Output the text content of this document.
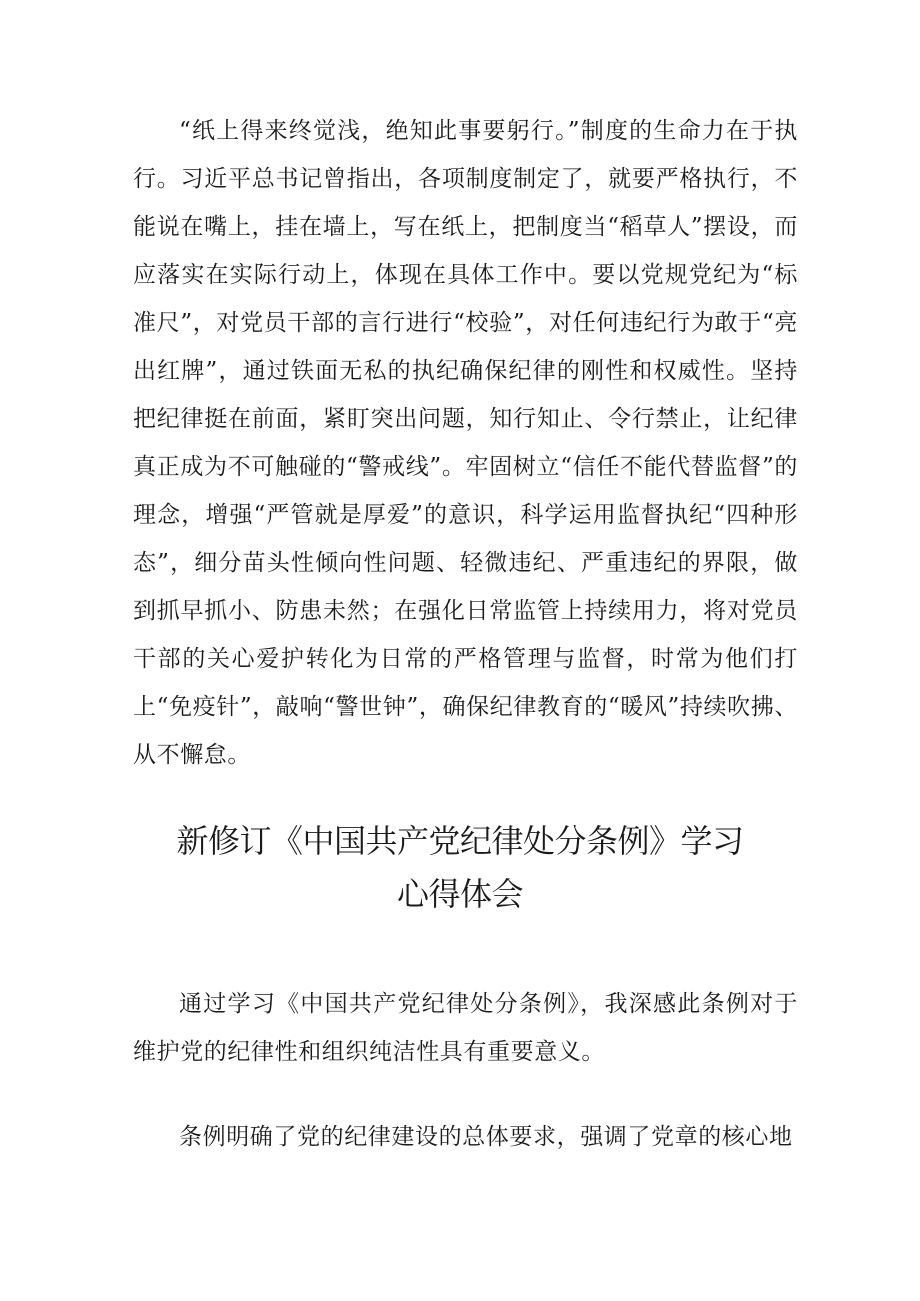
“纸上得来终觉浅，绝知此事要躬行。”制度的生命力在于执行。习近平总书记曾指出，各项制度制定了，就要严格执行，不能说在嘴上，挂在墙上，写在纸上，把制度当“稻草人”摆设，而应落实在实际行动上，体现在具体工作中。要以党规党纪为“标准尺”，对党员干部的言行进行“校验”，对任何违纪行为敢于“亮出红牌”，通过铁面无私的执纪确保纪律的刚性和权威性。坚持把纪律挺在前面，紧盯突出问题，知行知止、令行禁止，让纪律真正成为不可触碰的“警戒线”。牢固树立“信任不能代替监督”的理念，增强“严管就是厚爱”的意识，科学运用监督执纪“四种形态”，细分苗头性倾向性问题、轻微违纪、严重违纪的界限，做到抓早抓小、防患未然；在强化日常监管上持续用力，将对党员干部的关心爱护转化为日常的严格管理与监督，时常为他们打上“免疫针”，敲响“警世钟”，确保纪律教育的“暖风”持续吹拂、从不懈怠。

新修订《中国共产党纪律处分条例》学习
心得体会

通过学习《中国共产党纪律处分条例》，我深感此条例对于维护党的纪律性和组织纯洁性具有重要意义。

条例明确了党的纪律建设的总体要求，强调了党章的核心地
